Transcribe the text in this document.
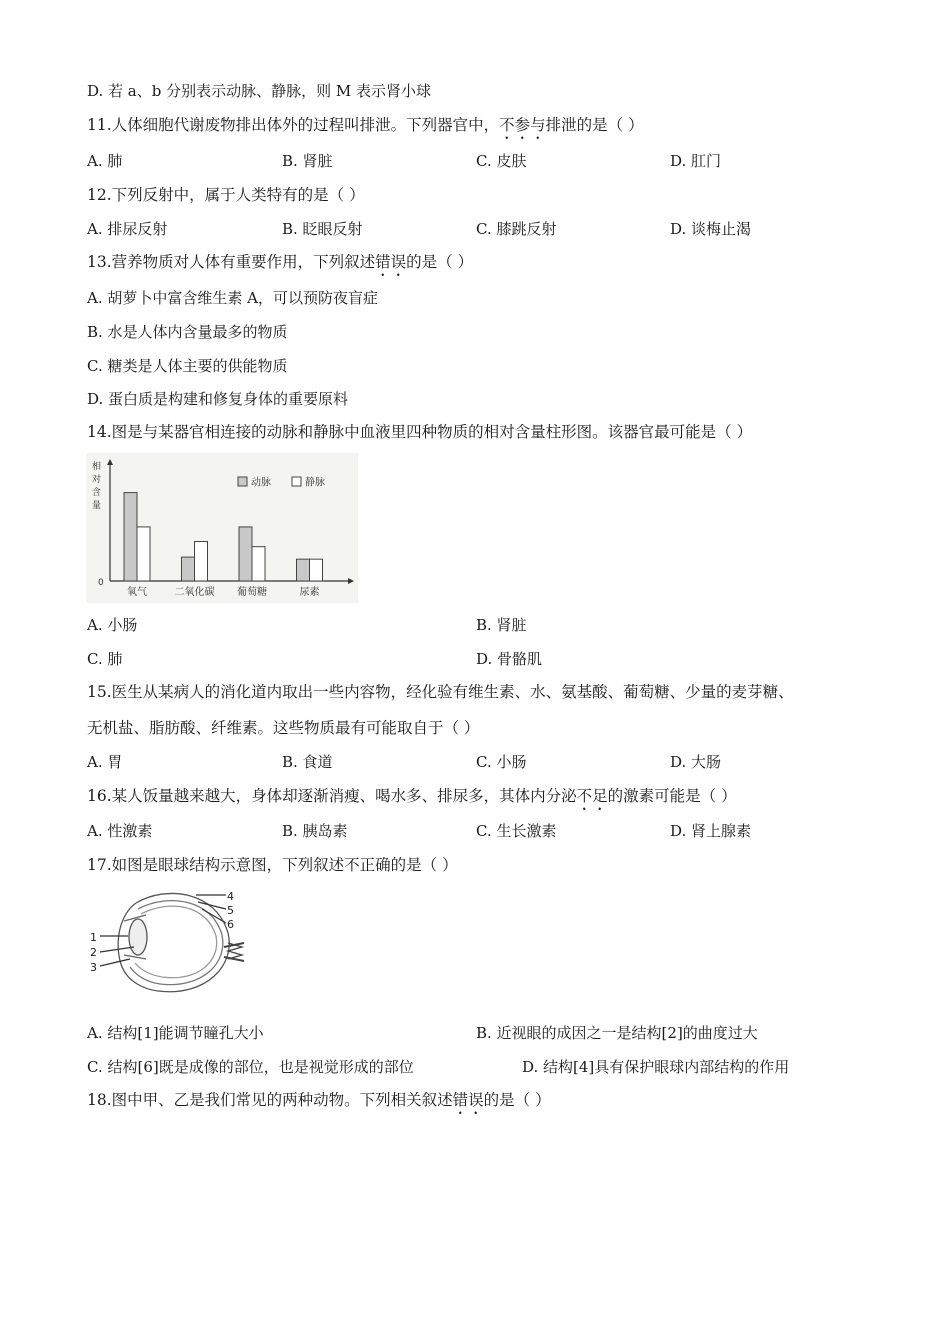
D. 若 a、b 分别表示动脉、静脉，则 M 表示肾小球
11.人体细胞代谢废物排出体外的过程叫排泄。下列器官中，不参与排泄的是（ ）
A. 肺	B. 肾脏	C. 皮肤	D. 肛门
12.下列反射中，属于人类特有的是（ ）
A. 排尿反射	B. 眨眼反射	C. 膝跳反射	D. 谈梅止渴
13.营养物质对人体有重要作用，下列叙述错误的是（ ）
A. 胡萝卜中富含维生素 A，可以预防夜盲症
B. 水是人体内含量最多的物质
C. 糖类是人体主要的供能物质
D. 蛋白质是构建和修复身体的重要原料
14.图是与某器官相连接的动脉和静脉中血液里四种物质的相对含量柱形图。该器官最可能是（ ）
0
相
对
含
量
氧气	二氧化碳 葡萄糖	尿素
动脉	静脉
A. 小肠	B. 肾脏
C. 肺	D. 骨骼肌
15.医生从某病人的消化道内取出一些内容物，经化验有维生素、水、氨基酸、葡萄糖、少量的麦芽糖、
无机盐、脂肪酸、纤维素。这些物质最有可能取自于（ ）
A. 胃	B. 食道	C. 小肠	D. 大肠
16.某人饭量越来越大，身体却逐渐消瘦、喝水多、排尿多，其体内分泌不足的激素可能是（ ）
A. 性激素	B. 胰岛素	C. 生长激素	D. 肾上腺素
17.如图是眼球结构示意图，下列叙述不正确的是（ ）
4
5
6
1
2
3
A. 结构[1]能调节瞳孔大小	B. 近视眼的成因之一是结构[2]的曲度过大
C. 结构[6]既是成像的部位，也是视觉形成的部位	D. 结构[4]具有保护眼球内部结构的作用
18.图中甲、乙是我们常见的两种动物。下列相关叙述错误的是（ ）
